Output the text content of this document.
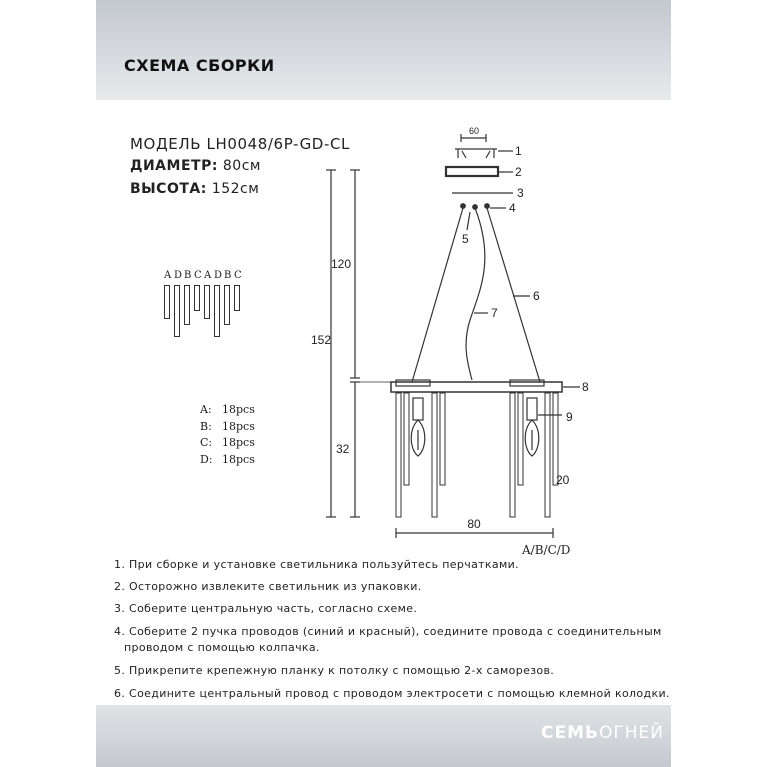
СХЕМА СБОРКИ
МОДЕЛЬ LH0048/6P-GD-CL
ДИАМЕТР: 80см
ВЫСОТА: 152см
A D B C A D B C
A: 18pcs
B: 18pcs
C: 18pcs
D: 18pcs
60
1
2
3
4
5
6
7
8
9
152
120
32
80
20
A/B/C/D
1. При сборке и установке светильника пользуйтесь перчатками.
2. Осторожно извлеките светильник из упаковки.
3. Соберите центральную часть, согласно схеме.
4. Соберите 2 пучка проводов (синий и красный), соедините провода с соединительным
проводом с помощью колпачка.
5. Прикрепите крепежную планку к потолку с помощью 2-х саморезов.
6. Соедините центральный провод с проводом электросети с помощью клемной колодки.
СЕМЬОГНЕЙ
